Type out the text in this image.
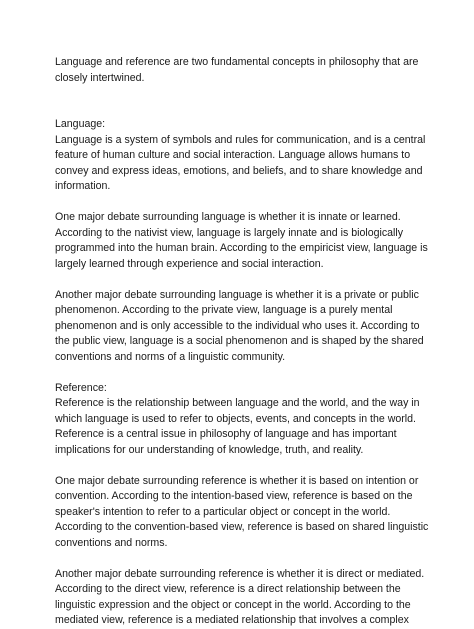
Language and reference are two fundamental concepts in philosophy that are
closely intertwined.

Language:
Language is a system of symbols and rules for communication, and is a central
feature of human culture and social interaction. Language allows humans to
convey and express ideas, emotions, and beliefs, and to share knowledge and
information.

One major debate surrounding language is whether it is innate or learned.
According to the nativist view, language is largely innate and is biologically
programmed into the human brain. According to the empiricist view, language is
largely learned through experience and social interaction.

Another major debate surrounding language is whether it is a private or public
phenomenon. According to the private view, language is a purely mental
phenomenon and is only accessible to the individual who uses it. According to
the public view, language is a social phenomenon and is shaped by the shared
conventions and norms of a linguistic community.

Reference:
Reference is the relationship between language and the world, and the way in
which language is used to refer to objects, events, and concepts in the world.
Reference is a central issue in philosophy of language and has important
implications for our understanding of knowledge, truth, and reality.

One major debate surrounding reference is whether it is based on intention or
convention. According to the intention-based view, reference is based on the
speaker's intention to refer to a particular object or concept in the world.
According to the convention-based view, reference is based on shared linguistic
conventions and norms.

Another major debate surrounding reference is whether it is direct or mediated.
According to the direct view, reference is a direct relationship between the
linguistic expression and the object or concept in the world. According to the
mediated view, reference is a mediated relationship that involves a complex
